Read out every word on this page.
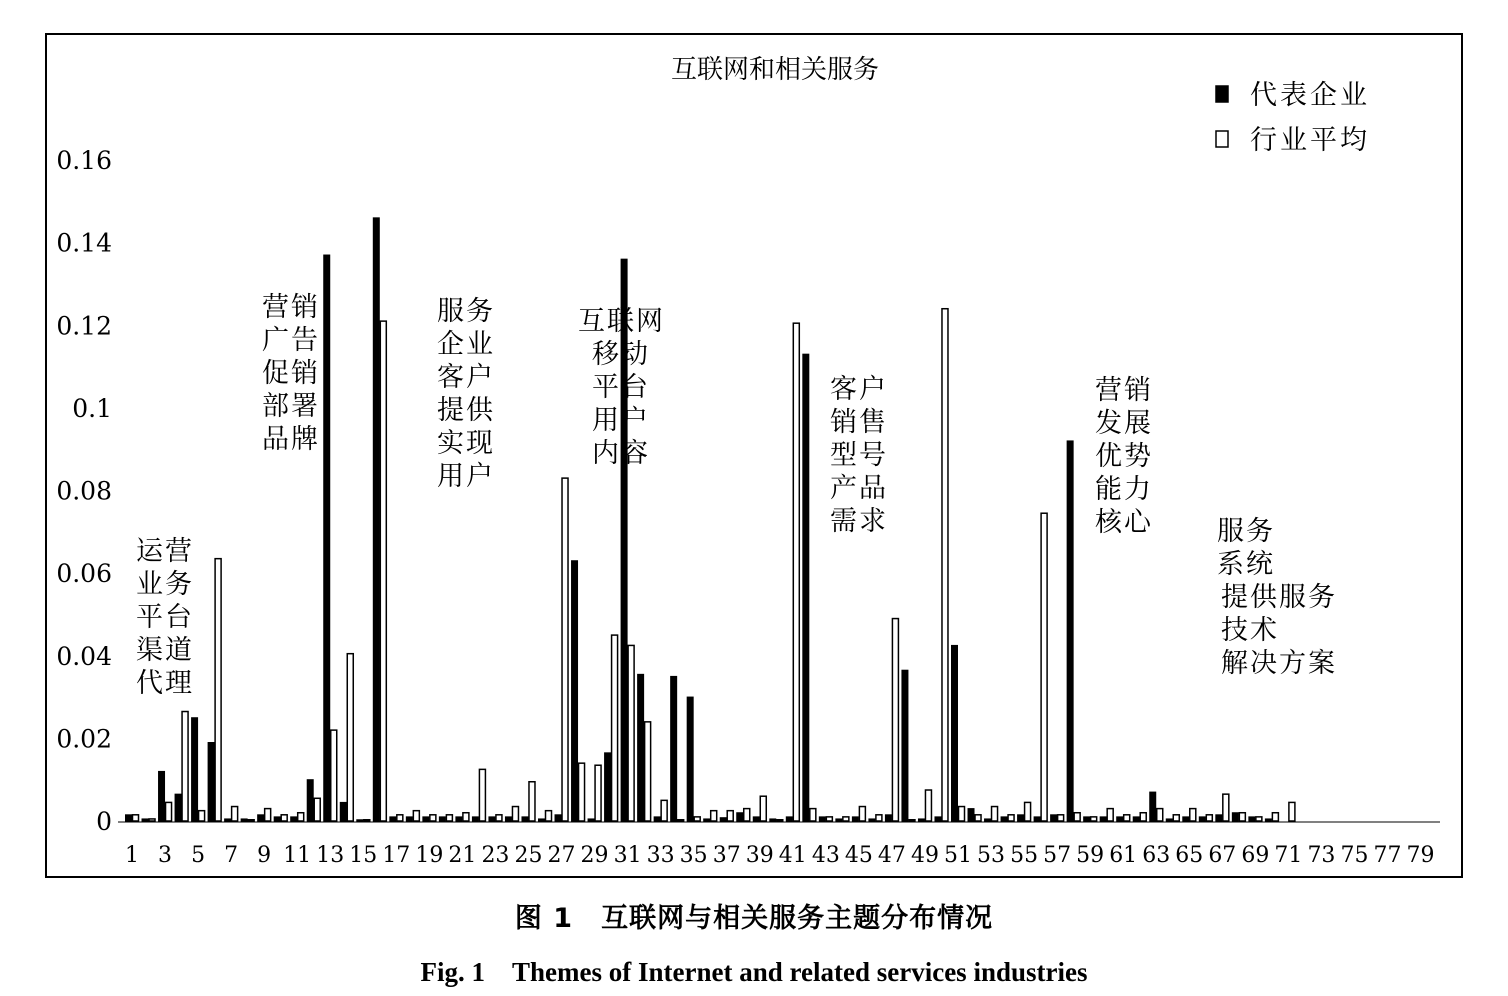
互联网和相关服务
0
0.02
0.04
0.06
0.08
0.1
0.12
0.14
0.16
1 3 5 7 9 11 13 15 17 19 21 23 25 27 29 31 33 35 37 39 41 43 45 47 49 51 53 55 57 59 61 63 65 67 69 71 73 75 77 79
代表企业
行业平均
营销
广告
促销
部署
品牌
运营
业务
平台
渠道
代理
服务
企业
客户
提供
实现
用户
互联网
移动
平台
用户
内容
客户
销售
型号
产品
需求
营销
发展
优势
能力
核心 服务
系统
提供服务
技术
解决方案
图 1　互联网与相关服务主题分布情况
Fig. 1　Themes of Internet and related services industries
